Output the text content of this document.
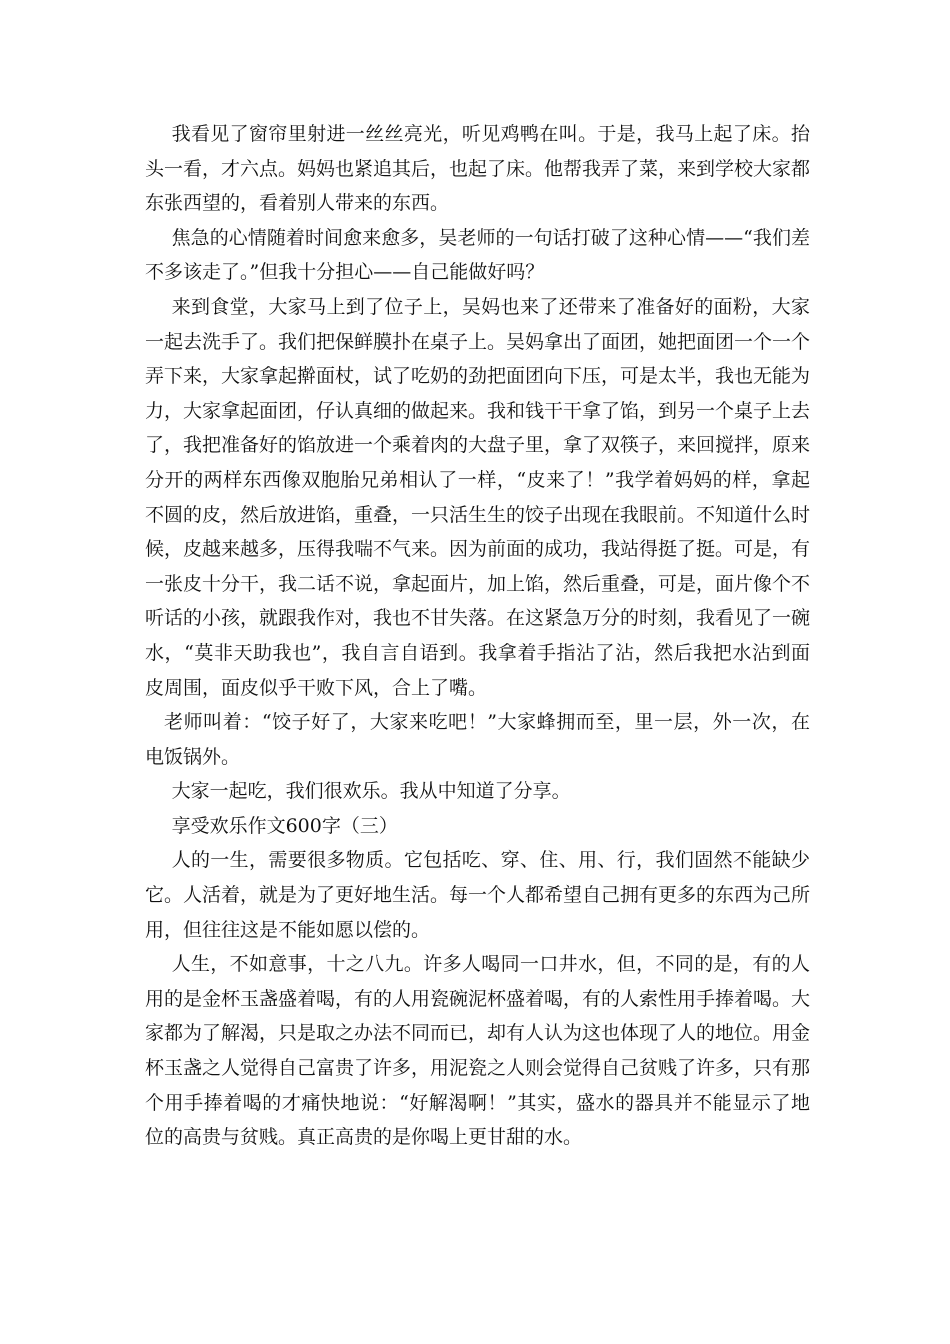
我看见了窗帘里射进一丝丝亮光，听见鸡鸭在叫。于是，我马上起了床。抬头一看，才六点。妈妈也紧追其后，也起了床。他帮我弄了菜，来到学校大家都东张西望的，看着别人带来的东西。

焦急的心情随着时间愈来愈多，吴老师的一句话打破了这种心情——“我们差不多该走了。”但我十分担心——自己能做好吗？

来到食堂，大家马上到了位子上，吴妈也来了还带来了准备好的面粉，大家一起去洗手了。我们把保鲜膜扑在桌子上。吴妈拿出了面团，她把面团一个一个弄下来，大家拿起擀面杖，试了吃奶的劲把面团向下压，可是太半，我也无能为力，大家拿起面团，仔认真细的做起来。我和钱干干拿了馅，到另一个桌子上去了，我把准备好的馅放进一个乘着肉的大盘子里，拿了双筷子，来回搅拌，原来分开的两样东西像双胞胎兄弟相认了一样，“皮来了！”我学着妈妈的样，拿起不圆的皮，然后放进馅，重叠，一只活生生的饺子出现在我眼前。不知道什么时候，皮越来越多，压得我喘不气来。因为前面的成功，我站得挺了挺。可是，有一张皮十分干，我二话不说，拿起面片，加上馅，然后重叠，可是，面片像个不听话的小孩，就跟我作对，我也不甘失落。在这紧急万分的时刻，我看见了一碗水，“莫非天助我也”，我自言自语到。我拿着手指沾了沾，然后我把水沾到面皮周围，面皮似乎干败下风，合上了嘴。

老师叫着：“饺子好了，大家来吃吧！”大家蜂拥而至，里一层，外一次，在电饭锅外。

大家一起吃，我们很欢乐。我从中知道了分享。

享受欢乐作文600字（三）

人的一生，需要很多物质。它包括吃、穿、住、用、行，我们固然不能缺少它。人活着，就是为了更好地生活。每一个人都希望自己拥有更多的东西为己所用，但往往这是不能如愿以偿的。

人生，不如意事，十之八九。许多人喝同一口井水，但，不同的是，有的人用的是金杯玉盏盛着喝，有的人用瓷碗泥杯盛着喝，有的人索性用手捧着喝。大家都为了解渴，只是取之办法不同而已，却有人认为这也体现了人的地位。用金杯玉盏之人觉得自己富贵了许多，用泥瓷之人则会觉得自己贫贱了许多，只有那个用手捧着喝的才痛快地说：“好解渴啊！”其实，盛水的器具并不能显示了地位的高贵与贫贱。真正高贵的是你喝上更甘甜的水。
